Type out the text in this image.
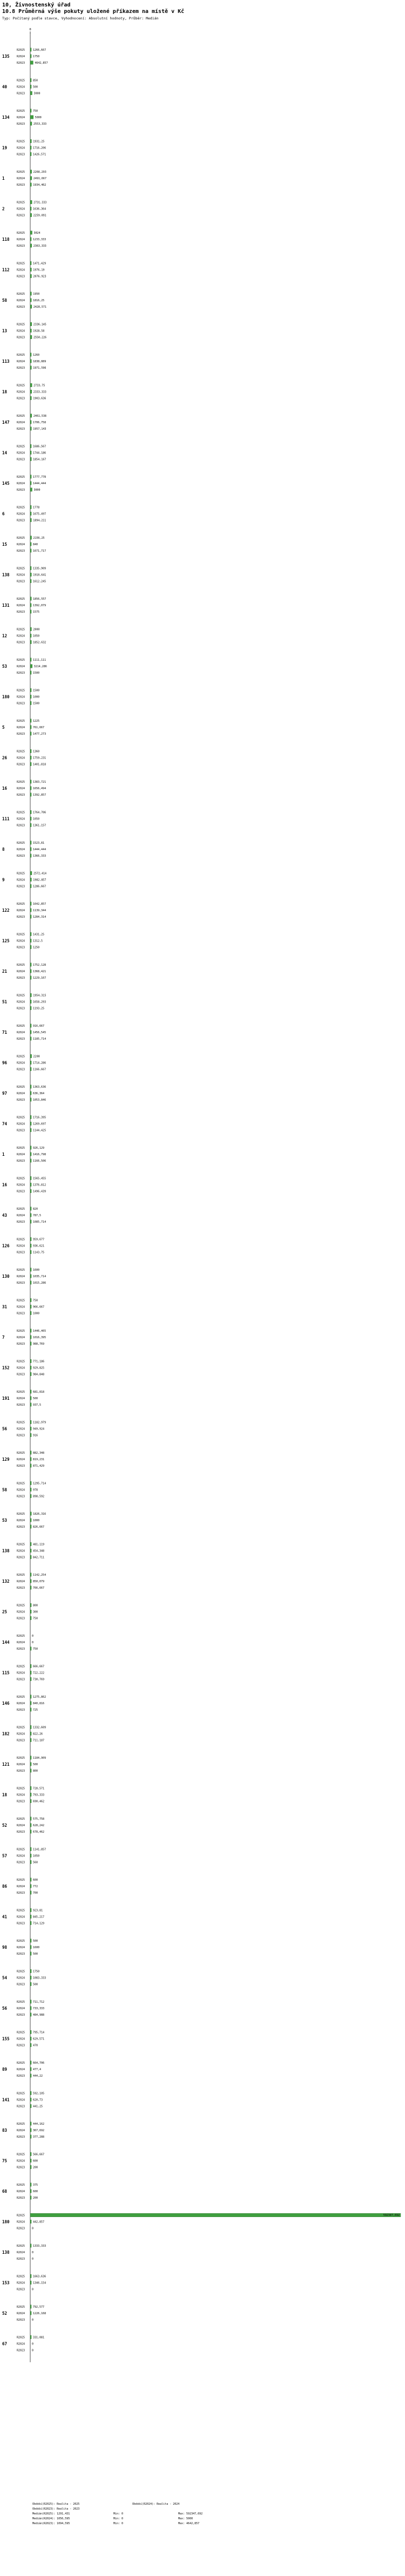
10, Živnostenský úřad
10.8 Průměrná výše pokuty uložené příkazem na místě v Kč
Typ: Počítaný podle stavce, Vyhodnocení: Absolutní hodnoty, Průběr: Medián
0
135
R2025	1266,667
R2024	1750
R2023	4642,857
40
R2025	850
R2024	500
R2023	3000
134
R2025	750
R2024	5000
R2023	2553,333
19
R2025	1931,25
R2024	1716,206
R2023	1426,571
1
R2025	2268,293
R2024	2491,667
R2023	1934,462
2
R2025	2731,333
R2024	1636,364
R2023	2259,091
118
R2025	3024
R2024	1233,333
R2023	2363,333
112
R2025	1471,429
R2024	1976,19
R2023	2076,923
58
R2025	1950
R2024	1816,25
R2023	2428,571
13
R2025	2336,145
R2024	1928,58
R2023	2550,226
113
R2025	1260
R2024	1838,889
R2023	1971,596
18
R2025	2733,75
R2024	2333,333
R2023	1903,636
147
R2025	2461,538
R2024	1706,758
R2023	1957,143
14
R2025	1686,567
R2024	1744,186
R2023	1854,167
145
R2025	1777,778
R2024	1444,444
R2023	3000
6
R2025	1778
R2024	1675,497
R2023	1894,211
15
R2025	2156,25
R2024	840
R2023	1671,717
138
R2025	1335,909
R2024	1910,641
R2023	1612,245
131
R2025	1856,557
R2024	1392,079
R2023	1575
12
R2025	2000
R2024	1050
R2023	1852,632
53
R2025	1111,111
R2024	3214,286
R2023	1500
180
R2025	1500
R2024	1000
R2023	1500
5
R2025	1225
R2024	761,667
R2023	1477,273
26
R2025	1360
R2024	1759,231
R2023	1401,818
16
R2025	1383,721
R2024	1656,494
R2023	1392,857
111
R2025	1764,706
R2024	1050
R2023	1361,157
8
R2025	1523,81
R2024	1444,444
R2023	1366,333
9
R2025	2572,414
R2024	1982,857
R2023	1286,667
122
R2025	1642,857
R2024	1139,344
R2023	1284,314
125
R2025	1431,25
R2024	1312,5
R2023	1250
21
R2025	1752,128
R2024	1368,421
R2023	1229,167
51
R2025	1954,315
R2024	1658,293
R2023	1193,25
71
R2025	916,667
R2024	1456,545
R2023	1185,714
96
R2025	2200
R2024	1714,286
R2023	1166,667
97
R2025	1363,636
R2024	636,364
R2023	1053,846
74
R2025	1716,395
R2024	1269,697
R2023	1144,425
1
R2025	926,129
R2024	1416,798
R2023	1166,506
16
R2025	1565,455
R2024	1376,812
R2023	1496,439
43
R2025	820
R2024	787,5
R2023	1085,714
126
R2025	959,677
R2024	936,621
R2023	1143,75
130
R2025	1600
R2024	1035,714
R2023	1015,286
31
R2025	750
R2024	966,667
R2023	1000
7
R2025	1446,465
R2024	1016,395
R2023	988,769
152
R2025	771,186
R2024	929,825
R2023	984,848
191
R2025	681,818
R2024	500
R2023	937,5
56
R2025	1182,979
R2024	949,924
R2023	916
129
R2025	882,348
R2024	819,231
R2023	871,429
58
R2025	1295,714
R2024	978
R2023	898,592
53
R2025	1826,316
R2024	1000
R2023	826,667
138
R2025	481,119
R2024	454,348
R2023	842,711
132
R2025	1142,254
R2024	850,079
R2023	766,667
25
R2025	800
R2024	300
R2023	750
144
R2025	0
R2024	0
R2023	750
115
R2025	666,667
R2024	722,222
R2023	730,769
146
R2025	1275,862
R2024	840,816
R2023	725
182
R2025	1332,609
R2024	822,26
R2023	711,187
121
R2025	1184,909
R2024	500
R2023	800
18
R2025	728,571
R2024	793,333
R2023	690,462
52
R2025	575,758
R2024	628,242
R2023	678,462
57
R2025	1141,857
R2024	1050
R2023	560
86
R2025	600
R2024	772
R2023	700
41
R2025	923,81
R2024	845,217
R2023	714,129
98
R2025	500
R2024	1600
R2023	500
54
R2025	1750
R2024	1083,333
R2023	500
56
R2025	711,712
R2024	733,333
R2023	484,988
155
R2025	795,714
R2024	629,571
R2023	470
89
R2025	664,706
R2024	477,4
R2023	444,22
141
R2025	592,105
R2024	620,73
R2023	441,25
83
R2025	444,162
R2024	367,692
R2023	377,288
75
R2025	566,667
R2024	600
R2023	200
68
R2025	375
R2024	600
R2023	200
180
R2025	592347,692
R2024	442,857
R2023	0
138
R2025	1333,333
R2024	0
R2023	0
153
R2025	1663,636
R2024	1346,154
R2023	0
52
R2025	792,577
R2024	1226,168
R2023	0
67
R2025	331,081
R2024	0
R2023	0
Období(R2025): Realita - 2025	Období(R2024): Realita - 2024
Období(R2023): Realita - 2023
Medián(R2025): 1291,431	Min: 0	Max: 592347,692
Medián(R2024): 1056,595	Min: 0	Max: 5000
Medián(R2023): 1094,595	Min: 0	Max: 4642,857
